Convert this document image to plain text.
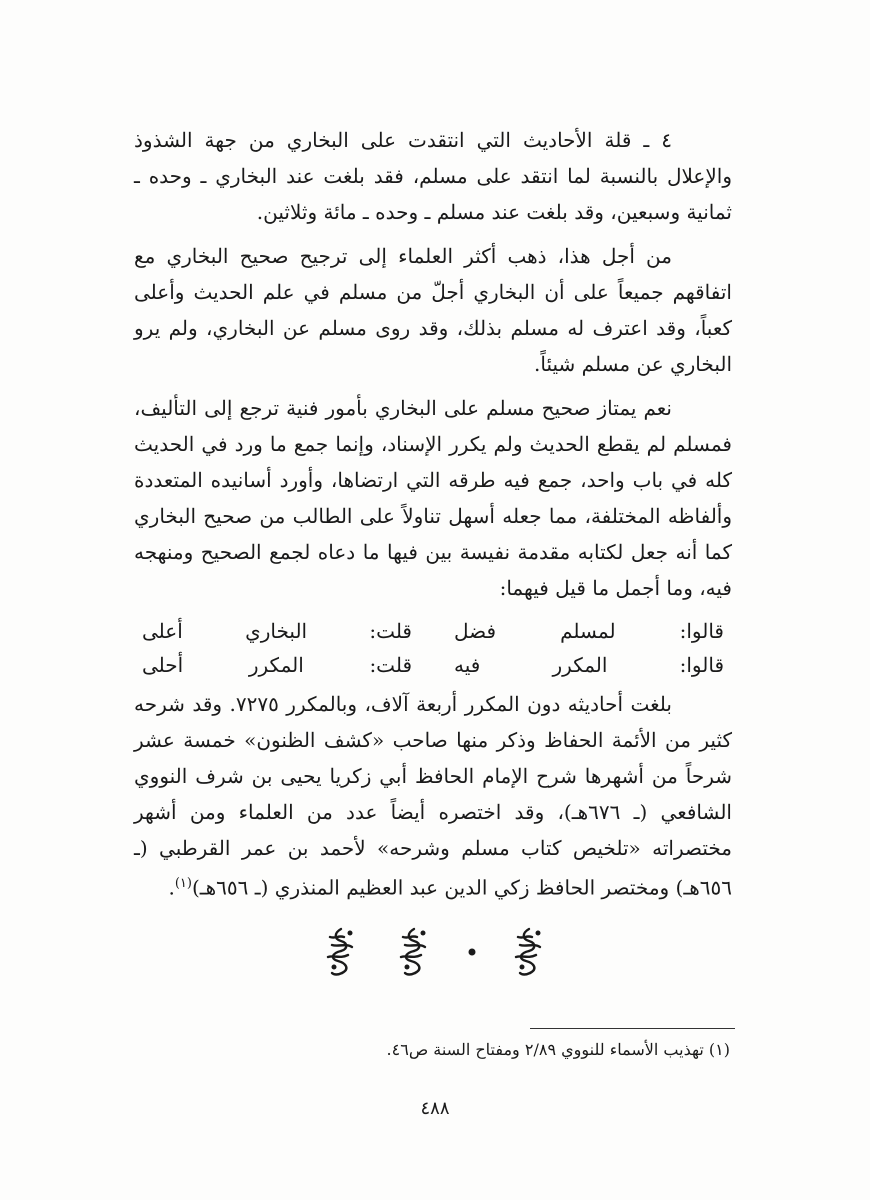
٤ ـ قلة الأحاديث التي انتقدت على البخاري من جهة الشذوذ والإعلال بالنسبة لما انتقد على مسلم، فقد بلغت عند البخاري ـ وحده ـ ثمانية وسبعين، وقد بلغت عند مسلم ـ وحده ـ مائة وثلاثين.

من أجل هذا، ذهب أكثر العلماء إلى ترجيح صحيح البخاري مع اتفاقهم جميعاً على أن البخاري أجلّ من مسلم في علم الحديث وأعلى كعباً، وقد اعترف له مسلم بذلك، وقد روى مسلم عن البخاري، ولم يرو البخاري عن مسلم شيئاً.

نعم يمتاز صحيح مسلم على البخاري بأمور فنية ترجع إلى التأليف، فمسلم لم يقطع الحديث ولم يكرر الإسناد، وإنما جمع ما ورد في الحديث كله في باب واحد، جمع فيه طرقه التي ارتضاها، وأورد أسانيده المتعددة وألفاظه المختلفة، مما جعله أسهل تناولاً على الطالب من صحيح البخاري كما أنه جعل لكتابه مقدمة نفيسة بين فيها ما دعاه لجمع الصحيح ومنهجه فيه، وما أجمل ما قيل فيهما:

قالوا: لمسلم فضل
قلت: البخاري أعلى
قالوا: المكرر فيه
قلت: المكرر أحلى

بلغت أحاديثه دون المكرر أربعة آلاف، وبالمكرر ٧٢٧٥. وقد شرحه كثير من الأئمة الحفاظ وذكر منها صاحب «كشف الظنون» خمسة عشر شرحاً من أشهرها شرح الإمام الحافظ أبي زكريا يحيى بن شرف النووي الشافعي (ـ ٦٧٦هـ)، وقد اختصره أيضاً عدد من العلماء ومن أشهر مختصراته «تلخيص كتاب مسلم وشرحه» لأحمد بن عمر القرطبي (ـ ٦٥٦هـ) ومختصر الحافظ زكي الدين عبد العظيم المنذري (ـ ٦٥٦هـ)$^{(١)}$.

(١) تهذيب الأسماء للنووي ٢/٨٩ ومفتاح السنة ص٤٦.
٤٨٨
